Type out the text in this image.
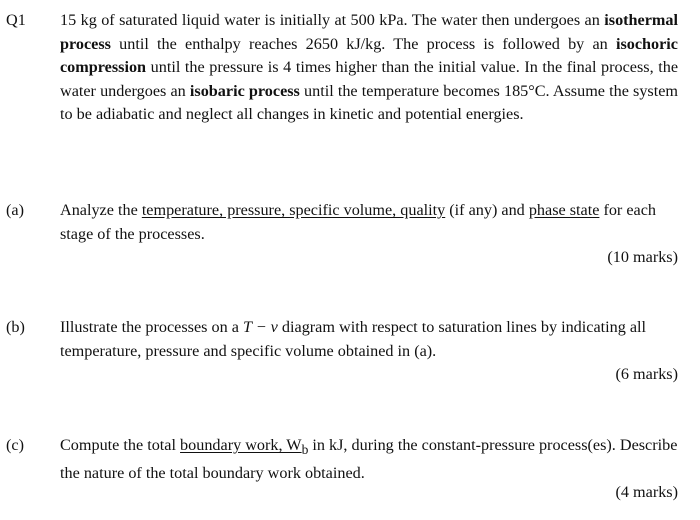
Q1 15 kg of saturated liquid water is initially at 500 kPa. The water then undergoes an isothermal process until the enthalpy reaches 2650 kJ/kg. The process is followed by an isochoric compression until the pressure is 4 times higher than the initial value. In the final process, the water undergoes an isobaric process until the temperature becomes 185°C. Assume the system to be adiabatic and neglect all changes in kinetic and potential energies.
(a) Analyze the temperature, pressure, specific volume, quality (if any) and phase state for each stage of the processes.
(10 marks)
(b) Illustrate the processes on a T − v diagram with respect to saturation lines by indicating all temperature, pressure and specific volume obtained in (a).
(6 marks)
(c) Compute the total boundary work, $W_b$ in kJ, during the constant-pressure process(es). Describe the nature of the total boundary work obtained.
(4 marks)
